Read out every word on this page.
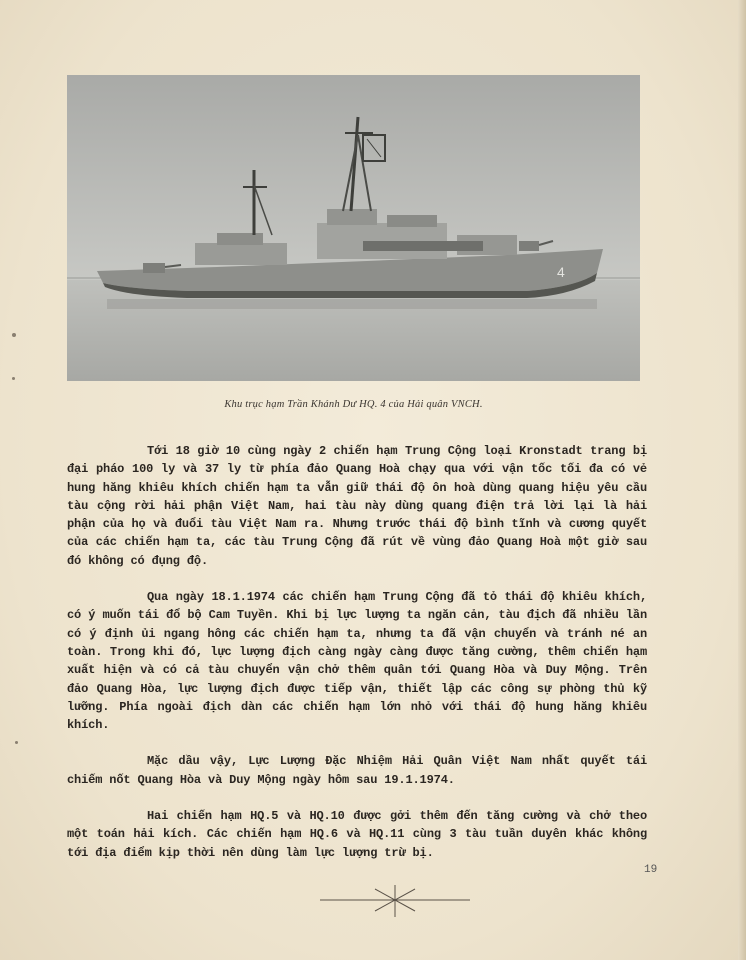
4
Khu trục hạm Trần Khánh Dư HQ. 4 của Hải quân VNCH.

Tới 18 giờ 10 cùng ngày 2 chiến hạm Trung Cộng loại Kronstadt trang bị đại pháo 100 ly và 37 ly từ phía đảo Quang Hoà chạy qua với vận tốc tối đa có vẻ hung hăng khiêu khích chiến hạm ta vẫn giữ thái độ ôn hoà dùng quang hiệu yêu cầu tàu cộng rời hải phận Việt Nam, hai tàu này dùng quang điện trả lời lại là hải phận của họ và đuổi tàu Việt Nam ra. Nhưng trước thái độ bình tĩnh và cương quyết của các chiến hạm ta, các tàu Trung Cộng đã rút về vùng đảo Quang Hoà một giờ sau đó không có đụng độ.

Qua ngày 18.1.1974 các chiến hạm Trung Cộng đã tỏ thái độ khiêu khích, có ý muốn tái đổ bộ Cam Tuyền. Khi bị lực lượng ta ngăn cản, tàu địch đã nhiều lần có ý định ủi ngang hông các chiến hạm ta, nhưng ta đã vận chuyển và tránh né an toàn. Trong khi đó, lực lượng địch càng ngày càng được tăng cường, thêm chiến hạm xuất hiện và có cả tàu chuyển vận chở thêm quân tới Quang Hòa và Duy Mộng. Trên đảo Quang Hòa, lực lượng địch được tiếp vận, thiết lập các công sự phòng thủ kỹ lưỡng. Phía ngoài địch dàn các chiến hạm lớn nhỏ với thái độ hung hăng khiêu khích.

Mặc dầu vậy, Lực Lượng Đặc Nhiệm Hải Quân Việt Nam nhất quyết tái chiếm nốt Quang Hòa và Duy Mộng ngày hôm sau 19.1.1974.

Hai chiến hạm HQ.5 và HQ.10 được gởi thêm đến tăng cường và chở theo một toán hải kích. Các chiến hạm HQ.6 và HQ.11 cùng 3 tàu tuần duyên khác không tới địa điểm kịp thời nên dùng làm lực lượng trừ bị.

19
